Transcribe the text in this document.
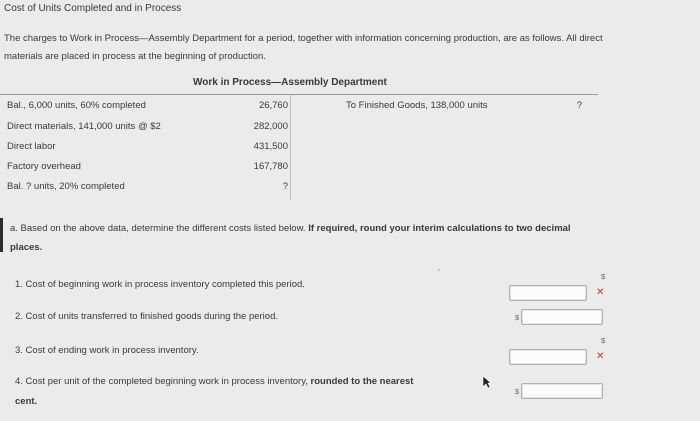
Cost of Units Completed and in Process
The charges to Work in Process—Assembly Department for a period, together with information concerning production, are as follows. All direct
materials are placed in process at the beginning of production.
Work in Process—Assembly Department
Bal., 6,000 units, 60% completed	26,760
Direct materials, 141,000 units @ $2	282,000
Direct labor	431,500
Factory overhead	167,780
Bal. ? units, 20% completed	?
To Finished Goods, 138,000 units	?
a. Based on the above data, determine the different costs listed below. If required, round your interim calculations to two decimal
places.
1. Cost of beginning work in process inventory completed this period.
$
✕
2. Cost of units transferred to finished goods during the period.	$
3. Cost of ending work in process inventory.
$
✕
4. Cost per unit of the completed beginning work in process inventory, rounded to the nearest
cent.
$
